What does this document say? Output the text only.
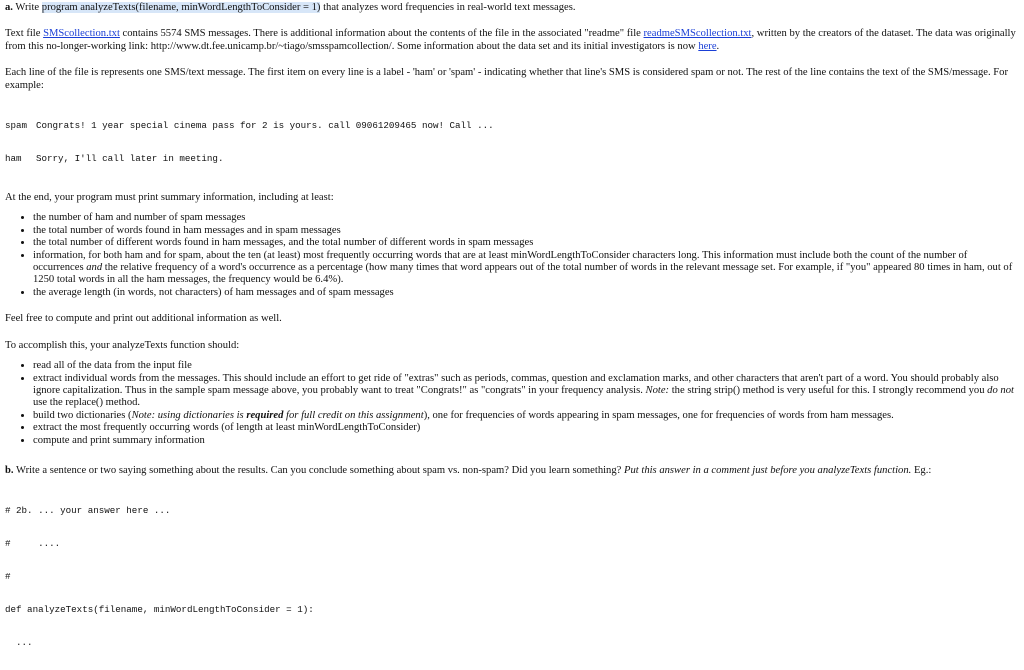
a. Write program analyzeTexts(filename, minWordLengthToConsider = 1) that analyzes word frequencies in real-world text messages.

Text file SMScollection.txt contains 5574 SMS messages. There is additional information about the contents of the file in the associated "readme" file readmeSMScollection.txt, written by the creators of the dataset. The data was originally from this no-longer-working link: http://www.dt.fee.unicamp.br/~tiago/smsspamcollection/. Some information about the data set and its initial investigators is now here.

Each line of the file is represents one SMS/text message. The first item on every line is a label - 'ham' or 'spam' - indicating whether that line's SMS is considered spam or not. The rest of the line contains the text of the SMS/message. For example:

spam Congrats! 1 year special cinema pass for 2 is yours. call 09061209465 now! Call ...

ham	Sorry, I'll call later in meeting.

At the end, your program must print summary information, including at least:

• the number of ham and number of spam messages
• the total number of words found in ham messages and in spam messages
• the total number of different words found in ham messages, and the total number of different words in spam messages
• information, for both ham and for spam, about the ten (at least) most frequently occurring words that are at least minWordLengthToConsider characters long. This information must include both the count of the number of occurrences and the relative frequency of a word's occurrence as a percentage (how many times that word appears out of the total number of words in the relevant message set. For example, if "you" appeared 80 times in ham, out of 1250 total words in all the ham messages, the frequency would be 6.4%).
• the average length (in words, not characters) of ham messages and of spam messages

Feel free to compute and print out additional information as well.

To accomplish this, your analyzeTexts function should:

• read all of the data from the input file
• extract individual words from the messages. This should include an effort to get ride of "extras" such as periods, commas, question and exclamation marks, and other characters that aren't part of a word. You should probably also ignore capitalization. Thus in the sample spam message above, you probably want to treat "Congrats!" as "congrats" in your frequency analysis. Note: the string strip() method is very useful for this. I strongly recommend you do not use the replace() method.
• build two dictionaries (Note: using dictionaries is required for full credit on this assignment), one for frequencies of words appearing in spam messages, one for frequencies of words from ham messages.
• extract the most frequently occurring words (of length at least minWordLengthToConsider)
• compute and print summary information

b. Write a sentence or two saying something about the results. Can you conclude something about spam vs. non-spam? Did you learn something? Put this answer in a comment just before you analyzeTexts function. Eg.:

# 2b. ... your answer here ...

#     ....

#

def analyzeTexts(filename, minWordLengthToConsider = 1):

...
